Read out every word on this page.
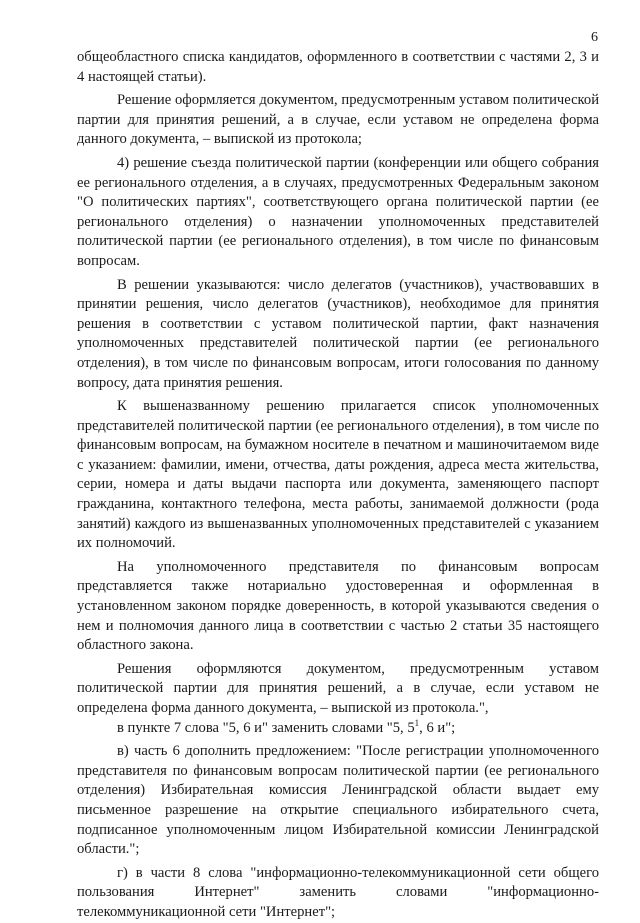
6

общеобластного списка кандидатов, оформленного в соответствии с частями 2, 3 и 4 настоящей статьи).

Решение оформляется документом, предусмотренным уставом политической партии для принятия решений, а в случае, если уставом не определена форма данного документа, – выпиской из протокола;

4) решение съезда политической партии (конференции или общего собрания ее регионального отделения, а в случаях, предусмотренных Федеральным законом "О политических партиях", соответствующего органа политической партии (ее регионального отделения) о назначении уполномоченных представителей политической партии (ее регионального отделения), в том числе по финансовым вопросам.

В решении указываются: число делегатов (участников), участвовавших в принятии решения, число делегатов (участников), необходимое для принятия решения в соответствии с уставом политической партии, факт назначения уполномоченных представителей политической партии (ее регионального отделения), в том числе по финансовым вопросам, итоги голосования по данному вопросу, дата принятия решения.

К вышеназванному решению прилагается список уполномоченных представителей политической партии (ее регионального отделения), в том числе по финансовым вопросам, на бумажном носителе в печатном и машиночитаемом виде с указанием: фамилии, имени, отчества, даты рождения, адреса места жительства, серии, номера и даты выдачи паспорта или документа, заменяющего паспорт гражданина, контактного телефона, места работы, занимаемой должности (рода занятий) каждого из вышеназванных уполномоченных представителей с указанием их полномочий.

На уполномоченного представителя по финансовым вопросам представляется также нотариально удостоверенная и оформленная в установленном законом порядке доверенность, в которой указываются сведения о нем и полномочия данного лица в соответствии с частью 2 статьи 35 настоящего областного закона.

Решения оформляются документом, предусмотренным уставом политической партии для принятия решений, а в случае, если уставом не определена форма данного документа, – выпиской из протокола.",

в пункте 7 слова "5, 6 и" заменить словами "5, $5^1$, 6 и";

в) часть 6 дополнить предложением: "После регистрации уполномоченного представителя по финансовым вопросам политической партии (ее регионального отделения) Избирательная комиссия Ленинградской области выдает ему письменное разрешение на открытие специального избирательного счета, подписанное уполномоченным лицом Избирательной комиссии Ленинградской области.";

г) в части 8 слова "информационно-телекоммуникационной сети общего пользования Интернет" заменить словами "информационно-телекоммуникационной сети "Интернет";
